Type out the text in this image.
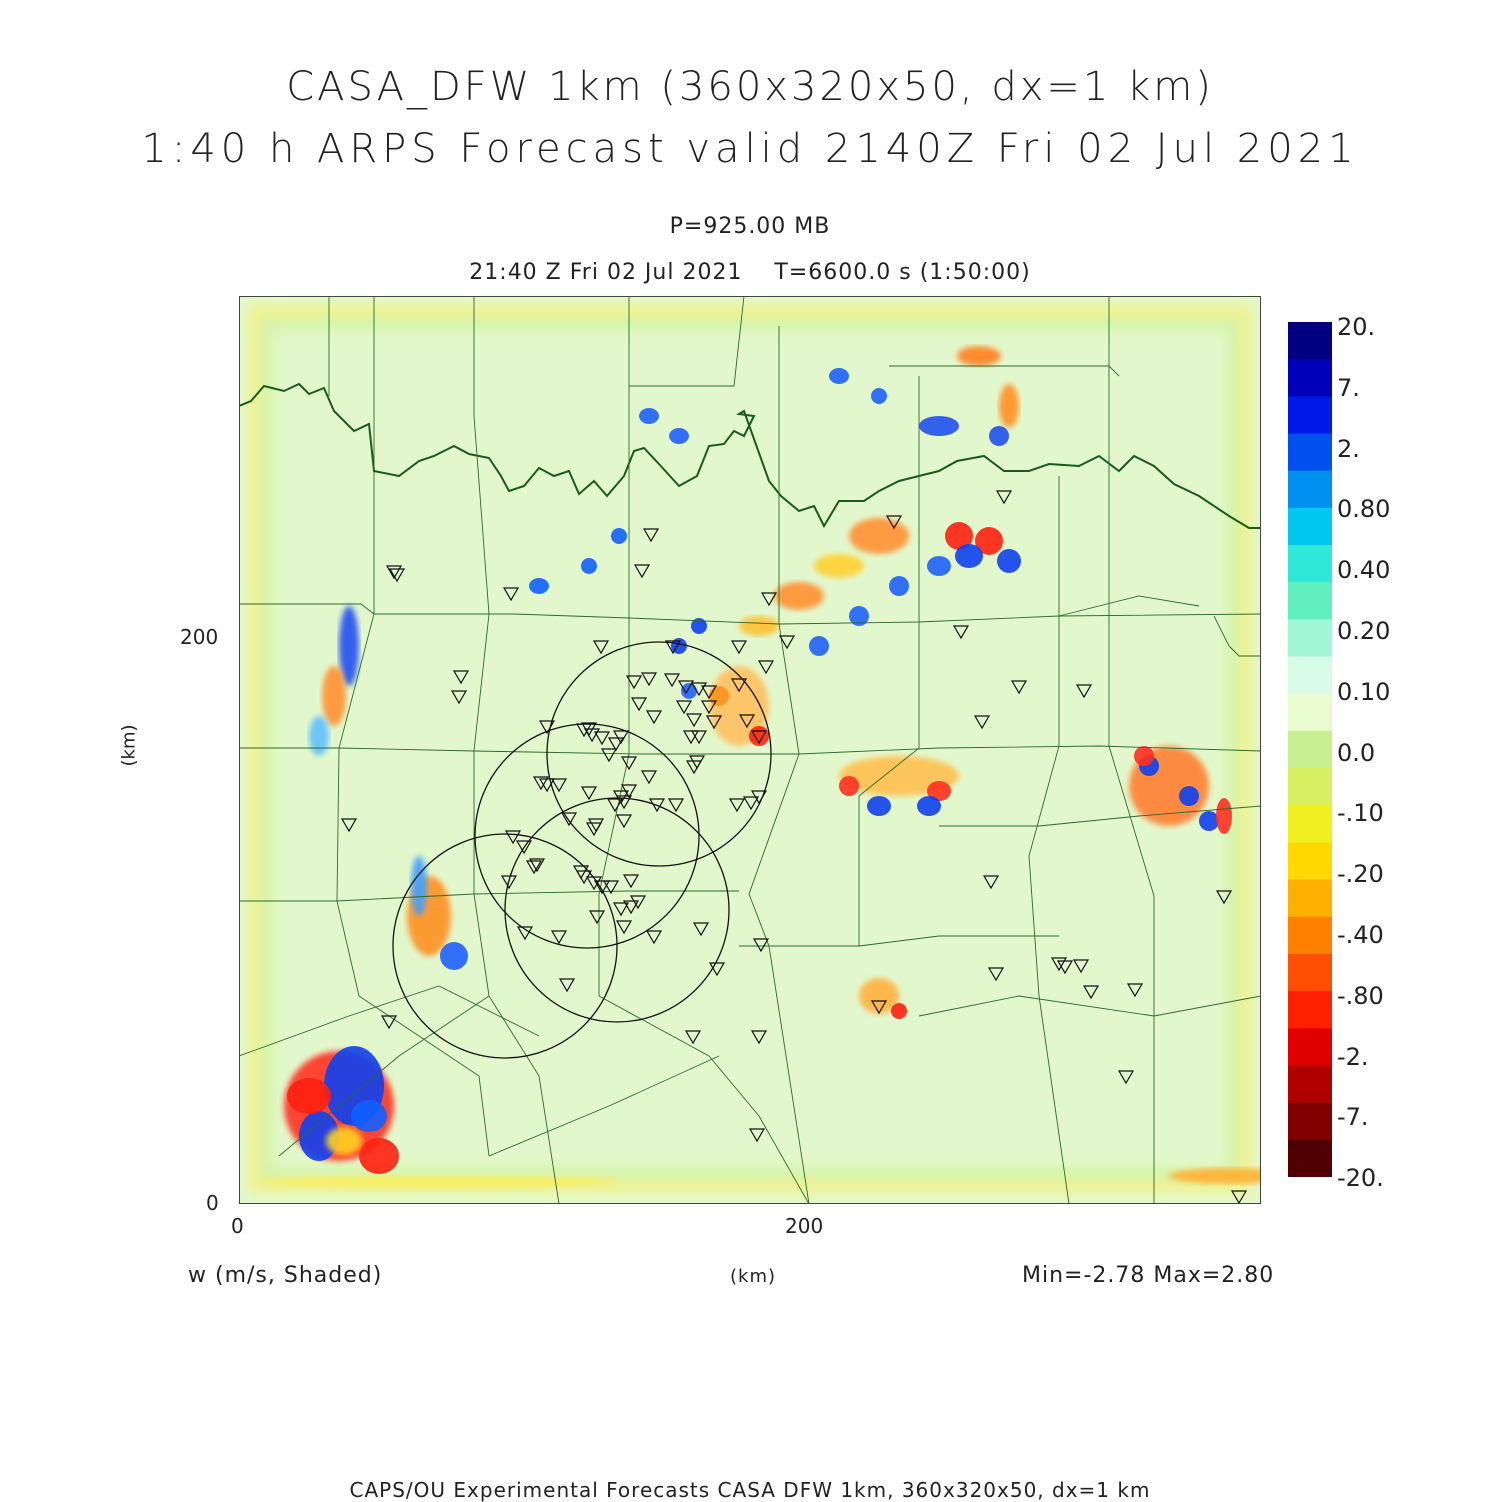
CASA_DFW 1km (360x320x50, dx=1 km)
1:40 h ARPS Forecast valid 2140Z Fri 02 Jul 2021
P=925.00 MB
21:40 Z Fri 02 Jul 2021    T=6600.0 s (1:50:00)
200
0
0	200
(km)
w (m/s, Shaded)	(km)	Min=-2.78 Max=2.80
20.
7.
2.
0.80
0.40
0.20
0.10
0.0
-.10
-.20
-.40
-.80
-2.
-7.
-20.
CAPS/OU Experimental Forecasts CASA DFW 1km, 360x320x50, dx=1 km
